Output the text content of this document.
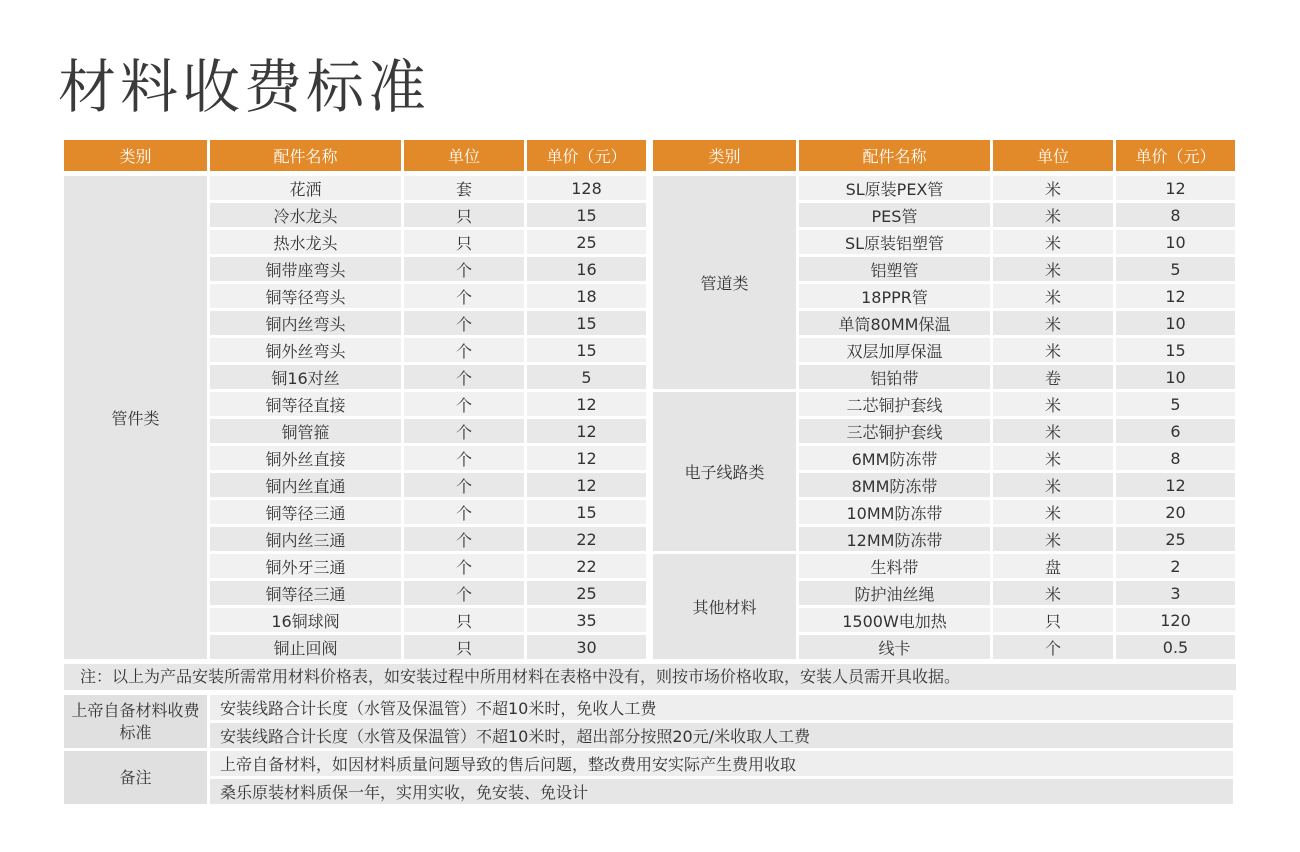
材料收费标准
类别	配件名称	单位	单价（元）
管件类	花洒	套	128
	冷水龙头	只	15
	热水龙头	只	25
	铜带座弯头	个	16
	铜等径弯头	个	18
	铜内丝弯头	个	15
	铜外丝弯头	个	15
	铜16对丝	个	5
	铜等径直接	个	12
	铜管箍	个	12
	铜外丝直接	个	12
	铜内丝直通	个	12
	铜等径三通	个	15
	铜内丝三通	个	22
	铜外牙三通	个	22
	铜等径三通	个	25
	16铜球阀	只	35
	铜止回阀	只	30
类别	配件名称	单位	单价（元）
管道类	SL原装PEX管	米	12
	PES管	米	8
	SL原装铝塑管	米	10
	铝塑管	米	5
	18PPR管	米	12
	单筒80MM保温	米	10
	双层加厚保温	米	15
	铝铂带	卷	10
电子线路类	二芯铜护套线	米	5
	三芯铜护套线	米	6
	6MM防冻带	米	8
	8MM防冻带	米	12
	10MM防冻带	米	20
	12MM防冻带	米	25
其他材料	生料带	盘	2
	防护油丝绳	米	3
	1500W电加热	只	120
	线卡	个	0.5
注：以上为产品安装所需常用材料价格表，如安装过程中所用材料在表格中没有，则按市场价格收取，安装人员需开具收据。
上帝自备材料收费标准	安装线路合计长度（水管及保温管）不超10米时，免收人工费
安装线路合计长度（水管及保温管）不超10米时，超出部分按照20元/米收取人工费
备注	上帝自备材料，如因材料质量问题导致的售后问题，整改费用安实际产生费用收取
桑乐原装材料质保一年，实用实收，免安装、免设计
